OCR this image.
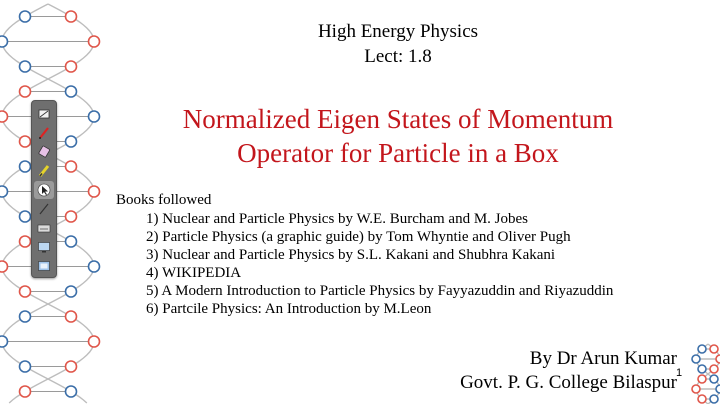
High Energy Physics
Lect: 1.8
Normalized Eigen States of Momentum
Operator for Particle in a Box
Books followed
1) Nuclear and Particle Physics by W.E. Burcham and M. Jobes
2) Particle Physics (a graphic guide) by Tom Whyntie and Oliver Pugh
3) Nuclear and Particle Physics by S.L. Kakani and Shubhra Kakani
4) WIKIPEDIA
5) A Modern Introduction to Particle Physics by Fayyazuddin and Riyazuddin
6) Partcile Physics: An Introduction by M.Leon
By Dr Arun Kumar
Govt. P. G. College Bilaspur 1
